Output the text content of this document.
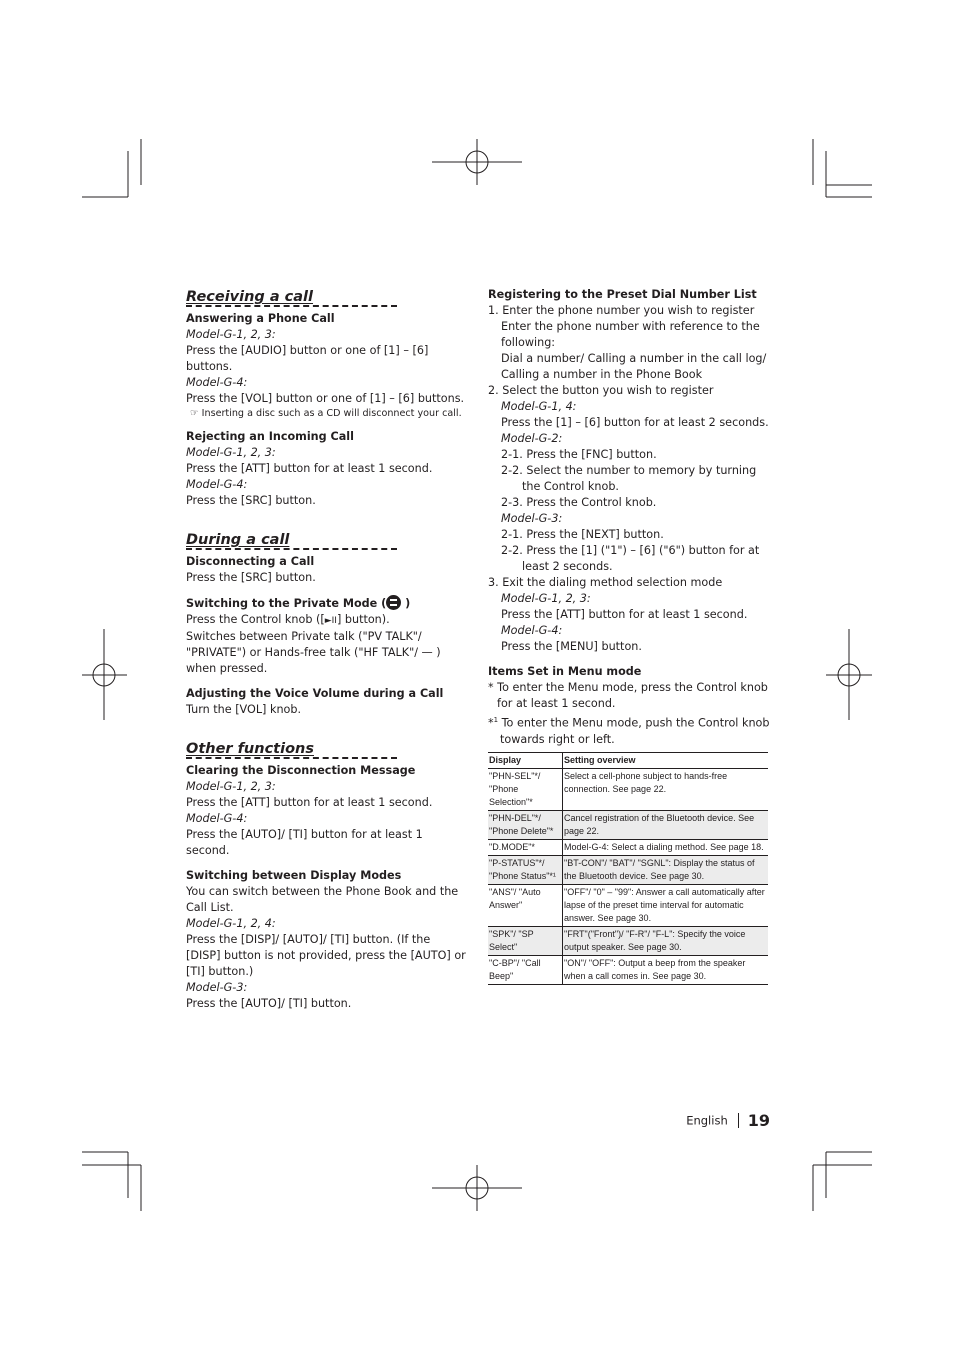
Receiving a call

Answering a Phone Call

Model-G-1, 2, 3:

Press the [AUDIO] button or one of [1] – [6] buttons.

Model-G-4:

Press the [VOL] button or one of [1] – [6] buttons.

☞ Inserting a disc such as a CD will disconnect your call.

Rejecting an Incoming Call

Model-G-1, 2, 3:

Press the [ATT] button for at least 1 second.

Model-G-4:

Press the [SRC] button.

During a call

Disconnecting a Call

Press the [SRC] button.

Switching to the Private Mode ( )

Press the Control knob ([►II] button).

Switches between Private talk ("PV TALK"/ "PRIVATE") or Hands-free talk ("HF TALK"/ — ) when pressed.

Adjusting the Voice Volume during a Call

Turn the [VOL] knob.

Other functions

Clearing the Disconnection Message

Model-G-1, 2, 3:

Press the [ATT] button for at least 1 second.

Model-G-4:

Press the [AUTO]/ [TI] button for at least 1 second.

Switching between Display Modes

You can switch between the Phone Book and the Call List.

Model-G-1, 2, 4:

Press the [DISP]/ [AUTO]/ [TI] button. (If the [DISP] button is not provided, press the [AUTO] or [TI] button.)

Model-G-3:

Press the [AUTO]/ [TI] button.

Registering to the Preset Dial Number List

1. Enter the phone number you wish to register

Enter the phone number with reference to the following:

Dial a number/ Calling a number in the call log/ Calling a number in the Phone Book

2. Select the button you wish to register

Model-G-1, 4:

Press the [1] – [6] button for at least 2 seconds.

Model-G-2:

2-1. Press the [FNC] button.

2-2. Select the number to memory by turning the Control knob.

2-3. Press the Control knob.

Model-G-3:

2-1. Press the [NEXT] button.

2-2. Press the [1] ("1") – [6] ("6") button for at least 2 seconds.

3. Exit the dialing method selection mode

Model-G-1, 2, 3:

Press the [ATT] button for at least 1 second.

Model-G-4:

Press the [MENU] button.

Items Set in Menu mode

* To enter the Menu mode, press the Control knob for at least 1 second.

*$^1$ To enter the Menu mode, push the Control knob towards right or left.

Display	Setting overview
"PHN-SEL"*/ "Phone Selection"*	Select a cell-phone subject to hands-free connection. See page 22.
"PHN-DEL"*/ "Phone Delete"*	Cancel registration of the Bluetooth device. See page 22.
"D.MODE"*	Model-G-4: Select a dialing method. See page 18.
"P-STATUS"*/ "Phone Status"*¹	"BT-CON"/ "BAT"/ "SGNL": Display the status of the Bluetooth device. See page 30.
"ANS"/ "Auto Answer"	"OFF"/ "0" – "99": Answer a call automatically after lapse of the preset time interval for automatic answer. See page 30.
"SPK"/ "SP Select"	"FRT"("Front")/ "F-R"/ "F-L": Specify the voice output speaker. See page 30.
"C-BP"/ "Call Beep"	"ON"/ "OFF": Output a beep from the speaker when a call comes in. See page 30.
English 19
